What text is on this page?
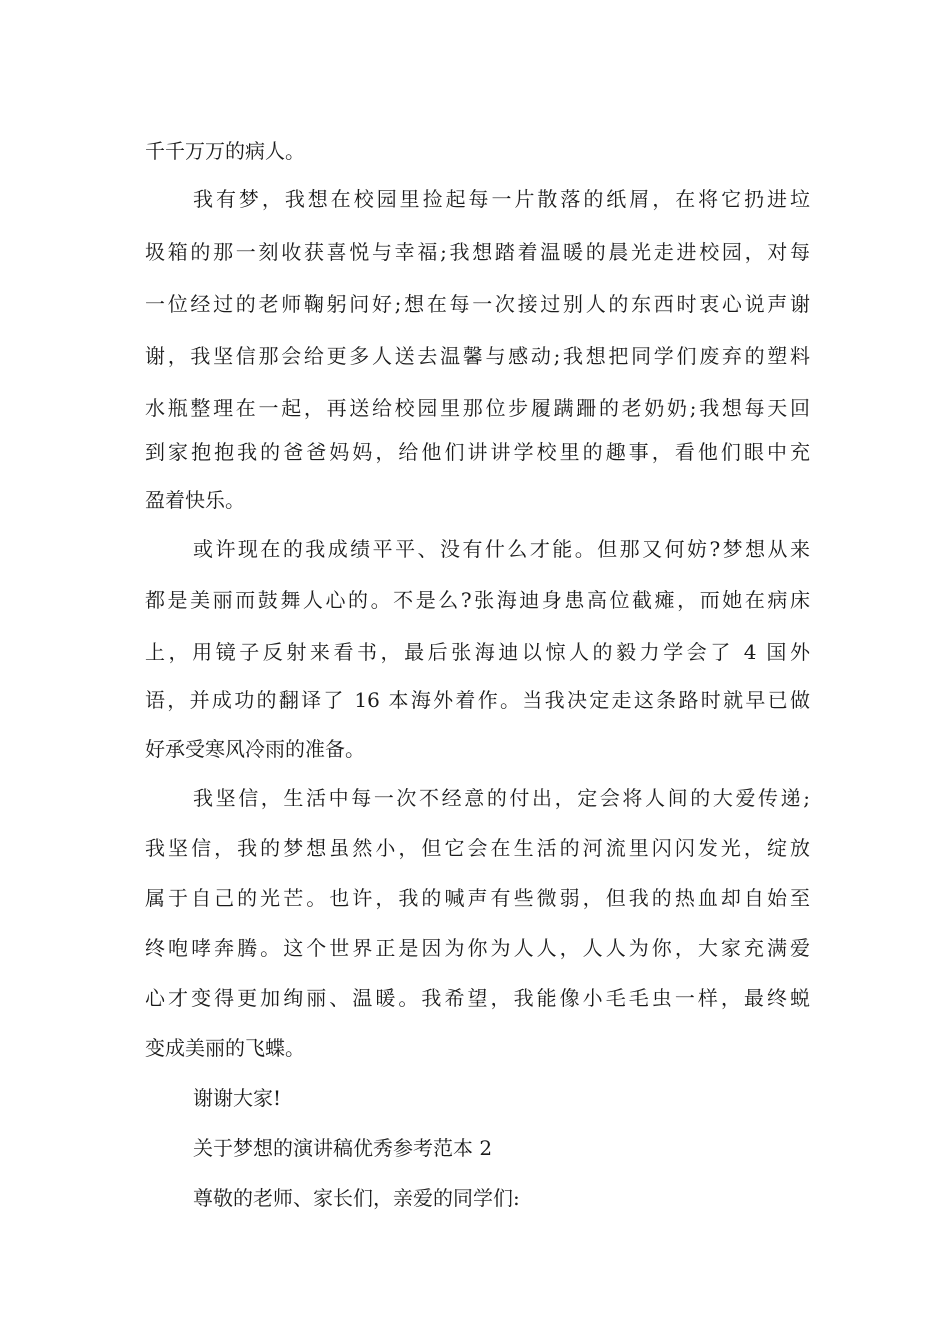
千千万万的病人。
我有梦，我想在校园里捡起每一片散落的纸屑，在将它扔进垃
圾箱的那一刻收获喜悦与幸福;我想踏着温暖的晨光走进校园，对每
一位经过的老师鞠躬问好;想在每一次接过别人的东西时衷心说声谢
谢，我坚信那会给更多人送去温馨与感动;我想把同学们废弃的塑料
水瓶整理在一起，再送给校园里那位步履蹒跚的老奶奶;我想每天回
到家抱抱我的爸爸妈妈，给他们讲讲学校里的趣事，看他们眼中充
盈着快乐。
或许现在的我成绩平平、没有什么才能。但那又何妨?梦想从来
都是美丽而鼓舞人心的。不是么?张海迪身患高位截瘫，而她在病床
上，用镜子反射来看书，最后张海迪以惊人的毅力学会了 4 国外
语，并成功的翻译了 16 本海外着作。当我决定走这条路时就早已做
好承受寒风冷雨的准备。
我坚信，生活中每一次不经意的付出，定会将人间的大爱传递;
我坚信，我的梦想虽然小，但它会在生活的河流里闪闪发光，绽放
属于自己的光芒。也许，我的喊声有些微弱，但我的热血却自始至
终咆哮奔腾。这个世界正是因为你为人人，人人为你，大家充满爱
心才变得更加绚丽、温暖。我希望，我能像小毛毛虫一样，最终蜕
变成美丽的飞蝶。
谢谢大家!
关于梦想的演讲稿优秀参考范本 2
尊敬的老师、家长们，亲爱的同学们:
